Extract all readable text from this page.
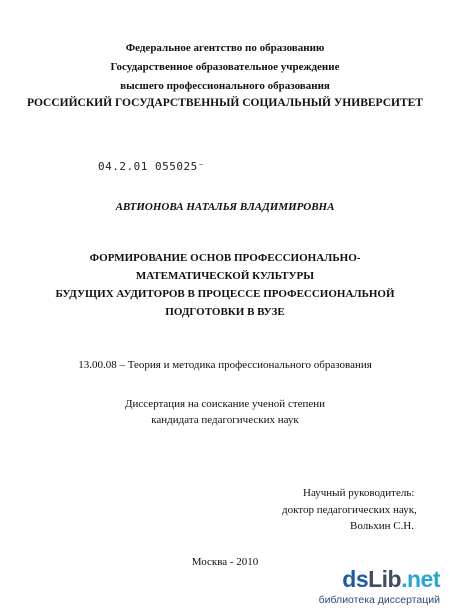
Федеральное агентство по образованию
Государственное образовательное учреждение
высшего профессионального образования
РОССИЙСКИЙ ГОСУДАРСТВЕННЫЙ СОЦИАЛЬНЫЙ УНИВЕРСИТЕТ
04.2.01 055025⁻
АВТИОНОВА НАТАЛЬЯ ВЛАДИМИРОВНА
ФОРМИРОВАНИЕ ОСНОВ ПРОФЕССИОНАЛЬНО-
МАТЕМАТИЧЕСКОЙ КУЛЬТУРЫ
БУДУЩИХ АУДИТОРОВ В ПРОЦЕССЕ ПРОФЕССИОНАЛЬНОЙ
ПОДГОТОВКИ В ВУЗЕ
13.00.08 – Теория и методика профессионального образования
Диссертация на соискание ученой степени
кандидата педагогических наук
Научный руководитель:
доктор педагогических наук,
Вольхин С.Н.
Москва - 2010
dsLib.net
библиотека диссертаций
